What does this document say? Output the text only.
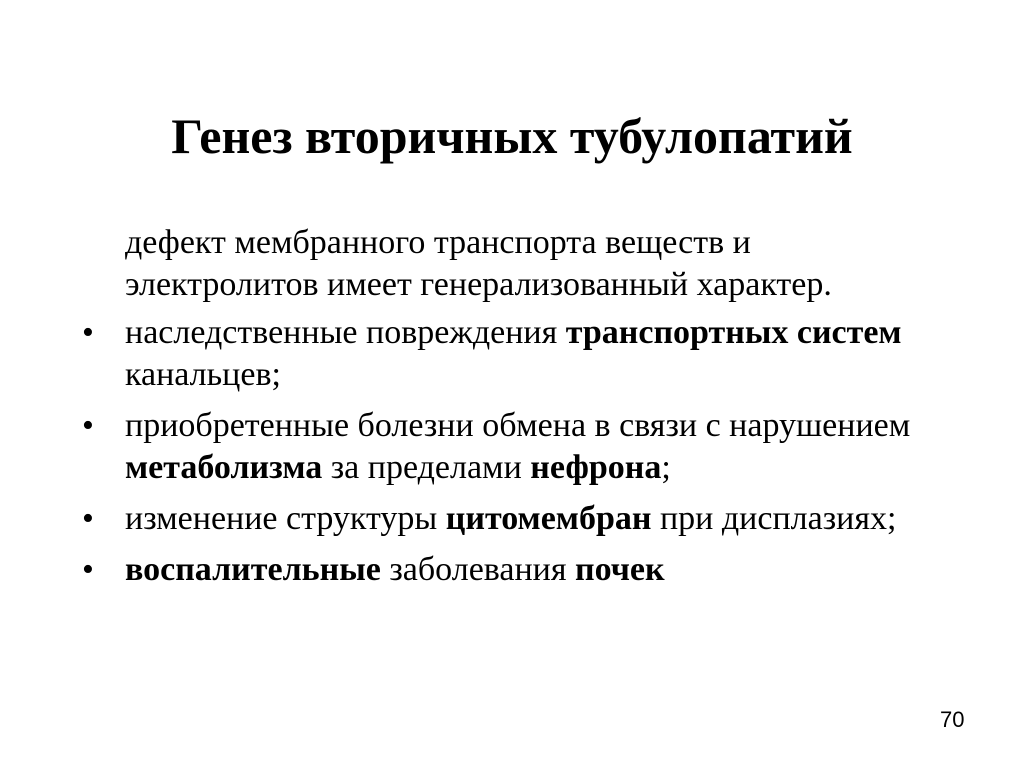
Генез вторичных тубулопатий
дефект мембранного транспорта веществ и электролитов имеет генерализованный характер.
• наследственные повреждения транспортных систем канальцев;
• приобретенные болезни обмена в связи с нарушением метаболизма за пределами нефрона;
• изменение структуры цитомембран при дисплазиях;
• воспалительные заболевания почек
70
